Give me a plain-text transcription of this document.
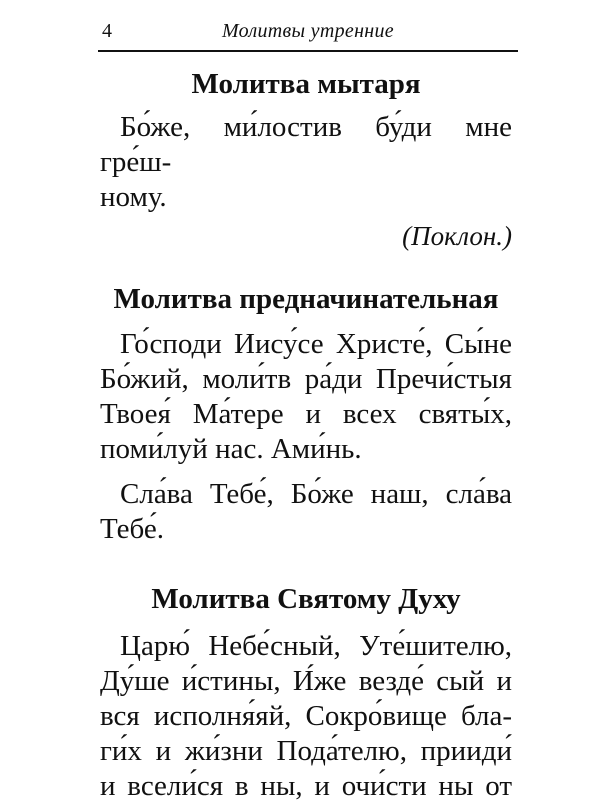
4	Молитвы утренние
Молитва мытаря

Бо́же, ми́лостив бу́ди мне гре́ш-
ному.

(Поклон.)

Молитва предначинательная

Го́споди Иису́се Христе́, Сы́не
Бо́жий, моли́тв ра́ди Пречи́стыя
Твоея́ Ма́тере и всех святы́х,
поми́луй нас. Ами́нь.

Сла́ва Тебе́, Бо́же наш, сла́ва
Тебе́.

Молитва Святому Духу

Царю́ Небе́сный, Уте́шителю,
Ду́ше и́стины, И́же везде́ сый и
вся исполня́яй, Сокро́вище бла-
ги́х и жи́зни Пода́телю, прииди́
и всели́ся в ны, и очи́сти ны от
